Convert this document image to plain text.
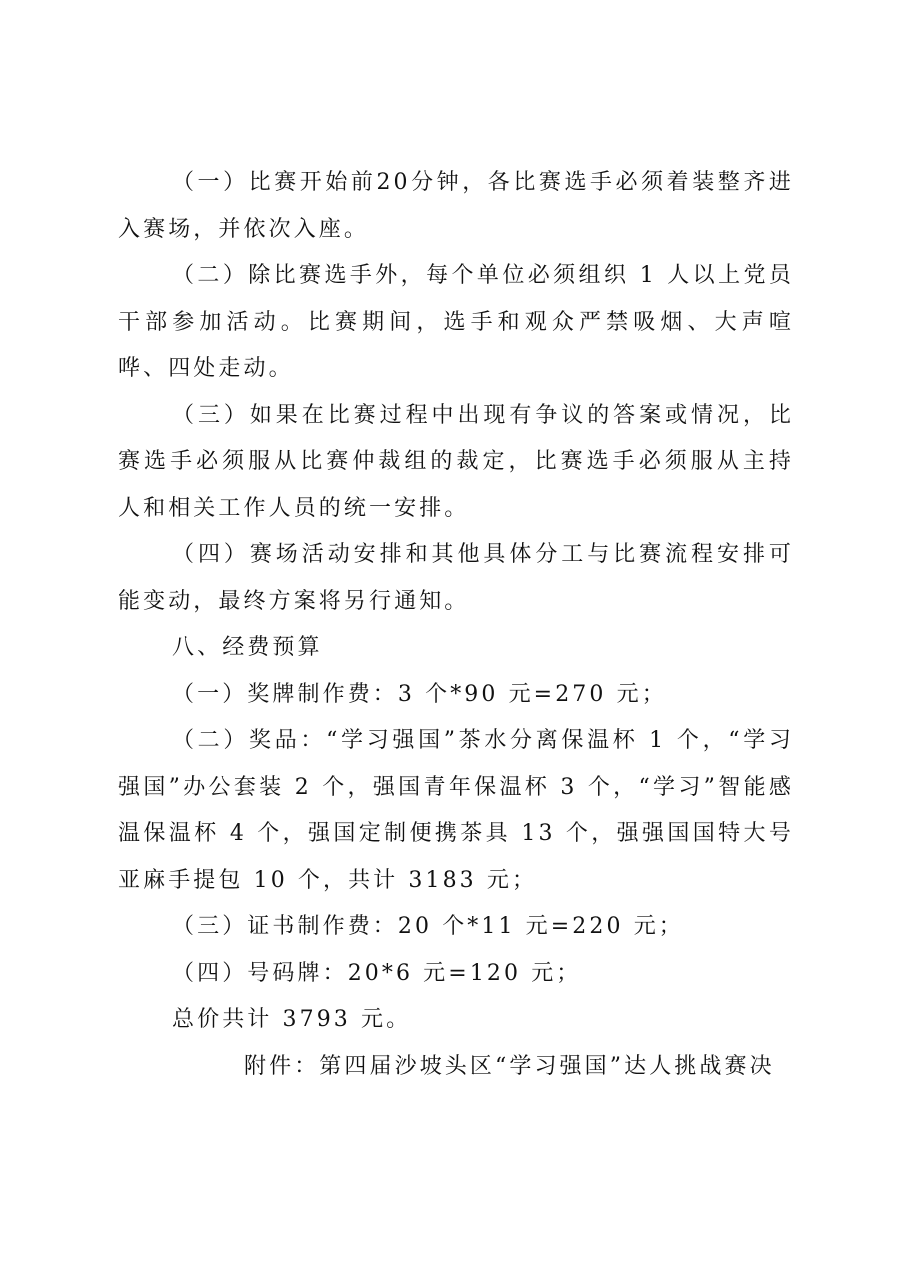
（一）比赛开始前20分钟，各比赛选手必须着装整齐进入赛场，并依次入座。

（二）除比赛选手外，每个单位必须组织 1 人以上党员干部参加活动。比赛期间，选手和观众严禁吸烟、大声喧哗、四处走动。

（三）如果在比赛过程中出现有争议的答案或情况，比赛选手必须服从比赛仲裁组的裁定，比赛选手必须服从主持人和相关工作人员的统一安排。

（四）赛场活动安排和其他具体分工与比赛流程安排可能变动，最终方案将另行通知。

八、经费预算

（一）奖牌制作费：3 个*90 元=270 元；

（二）奖品：“学习强国”茶水分离保温杯 1 个，“学习强国”办公套装 2 个，强国青年保温杯 3 个，“学习”智能感温保温杯 4 个，强国定制便携茶具 13 个，强强国国特大号亚麻手提包 10 个，共计 3183 元；

（三）证书制作费：20 个*11 元=220 元；

（四）号码牌：20*6 元=120 元；

总价共计 3793 元。

附件：第四届沙坡头区“学习强国”达人挑战赛决
